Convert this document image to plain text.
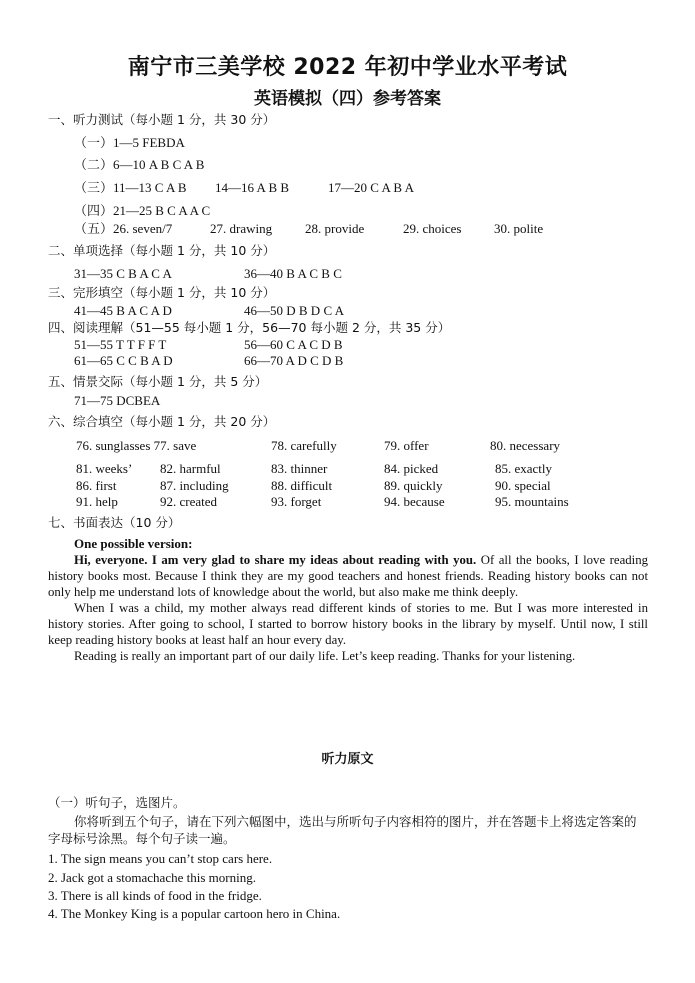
南宁市三美学校 2022 年初中学业水平考试
英语模拟（四）参考答案
一、听力测试（每小题 1 分，共 30 分）
（一）1—5 FEBDA
（二）6—10 A B C A B
（三）11—13 C A B 14—16 A B B	17—20 C A B A
（四）21—25 B C A A C
（五）26. seven/7	27. drawing	28. provide	29. choices	30. polite
二、单项选择（每小题 1 分，共 10 分）
31—35 C B A C A	36—40 B A C B C
三、完形填空（每小题 1 分，共 10 分）
41—45 B A C A D	46—50 D B D C A
四、阅读理解（51—55 每小题 1 分，56—70 每小题 2 分，共 35 分）
51—55 T T F F T	56—60 C A C D B
61—65 C C B A D	66—70 A D C D B
五、情景交际（每小题 1 分，共 5 分）
71—75 DCBEA
六、综合填空（每小题 1 分，共 20 分）
76. sunglasses 77. save	78. carefully	79. offer	80. necessary
81. weeks’ 82. harmful	83. thinner	84. picked	85. exactly
86. first	87. including	88. difficult	89. quickly	90. special
91. help	92. created	93. forget	94. because	95. mountains
七、书面表达（10 分）
One possible version:

Hi, everyone. I am very glad to share my ideas about reading with you. Of all the books, I love reading history books most. Because I think they are my good teachers and honest friends. Reading history books can not only help me understand lots of knowledge about the world, but also make me think deeply.

When I was a child, my mother always read different kinds of stories to me. But I was more interested in history stories. After going to school, I started to borrow history books in the library by myself. Until now, I still keep reading history books at least half an hour every day.

Reading is really an important part of our daily life. Let’s keep reading. Thanks for your listening.

听力原文
（一）听句子，选图片。
你将听到五个句子，请在下列六幅图中，选出与所听句子内容相符的图片，并在答题卡上将选定答案的字母标号涂黑。每个句子读一遍。
1. The sign means you can’t stop cars here.
2. Jack got a stomachache this morning.
3. There is all kinds of food in the fridge.
4. The Monkey King is a popular cartoon hero in China.
